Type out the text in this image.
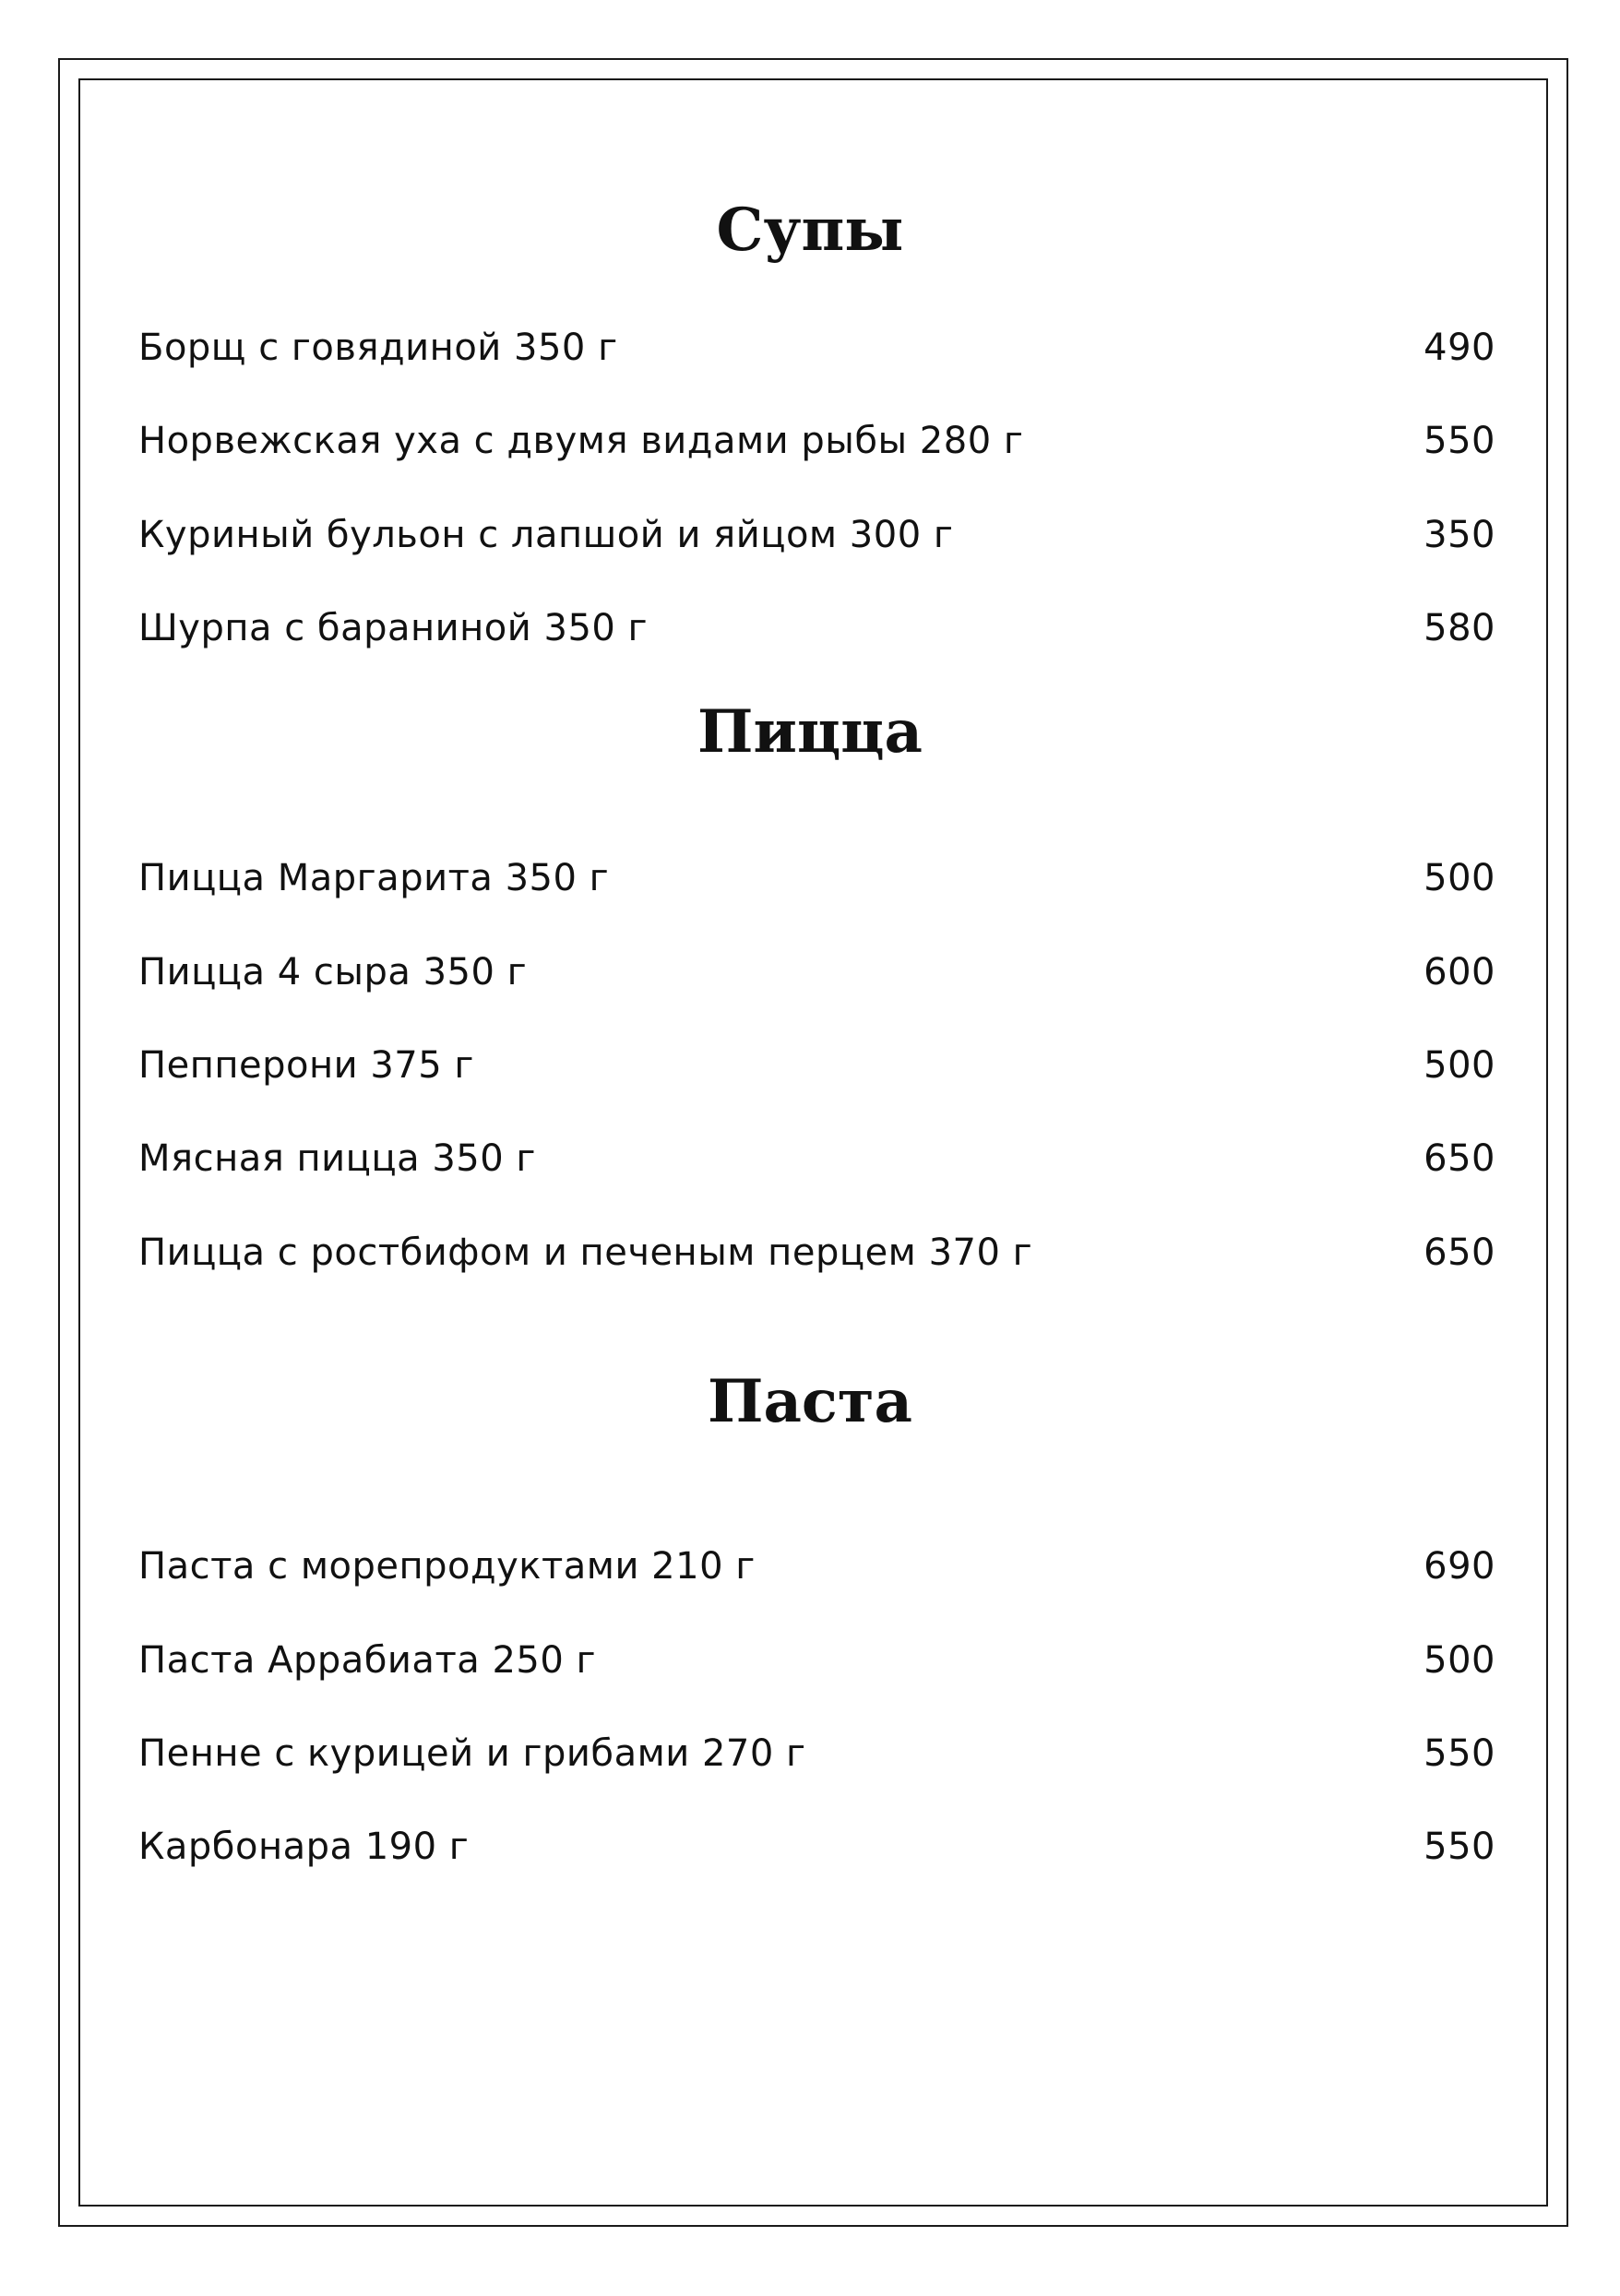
Супы
Борщ с говядиной 350 г	490
Норвежская уха с двумя видами рыбы 280 г	550
Куриный бульон с лапшой и яйцом 300 г	350
Шурпа с бараниной 350 г	580
Пицца
Пицца Маргарита 350 г	500
Пицца 4 сыра 350 г	600
Пепперони 375 г	500
Мясная пицца 350 г	650
Пицца с ростбифом и печеным перцем 370 г	650
Паста
Паста с морепродуктами 210 г	690
Паста Аррабиата 250 г	500
Пенне с курицей и грибами 270 г	550
Карбонара 190 г	550
